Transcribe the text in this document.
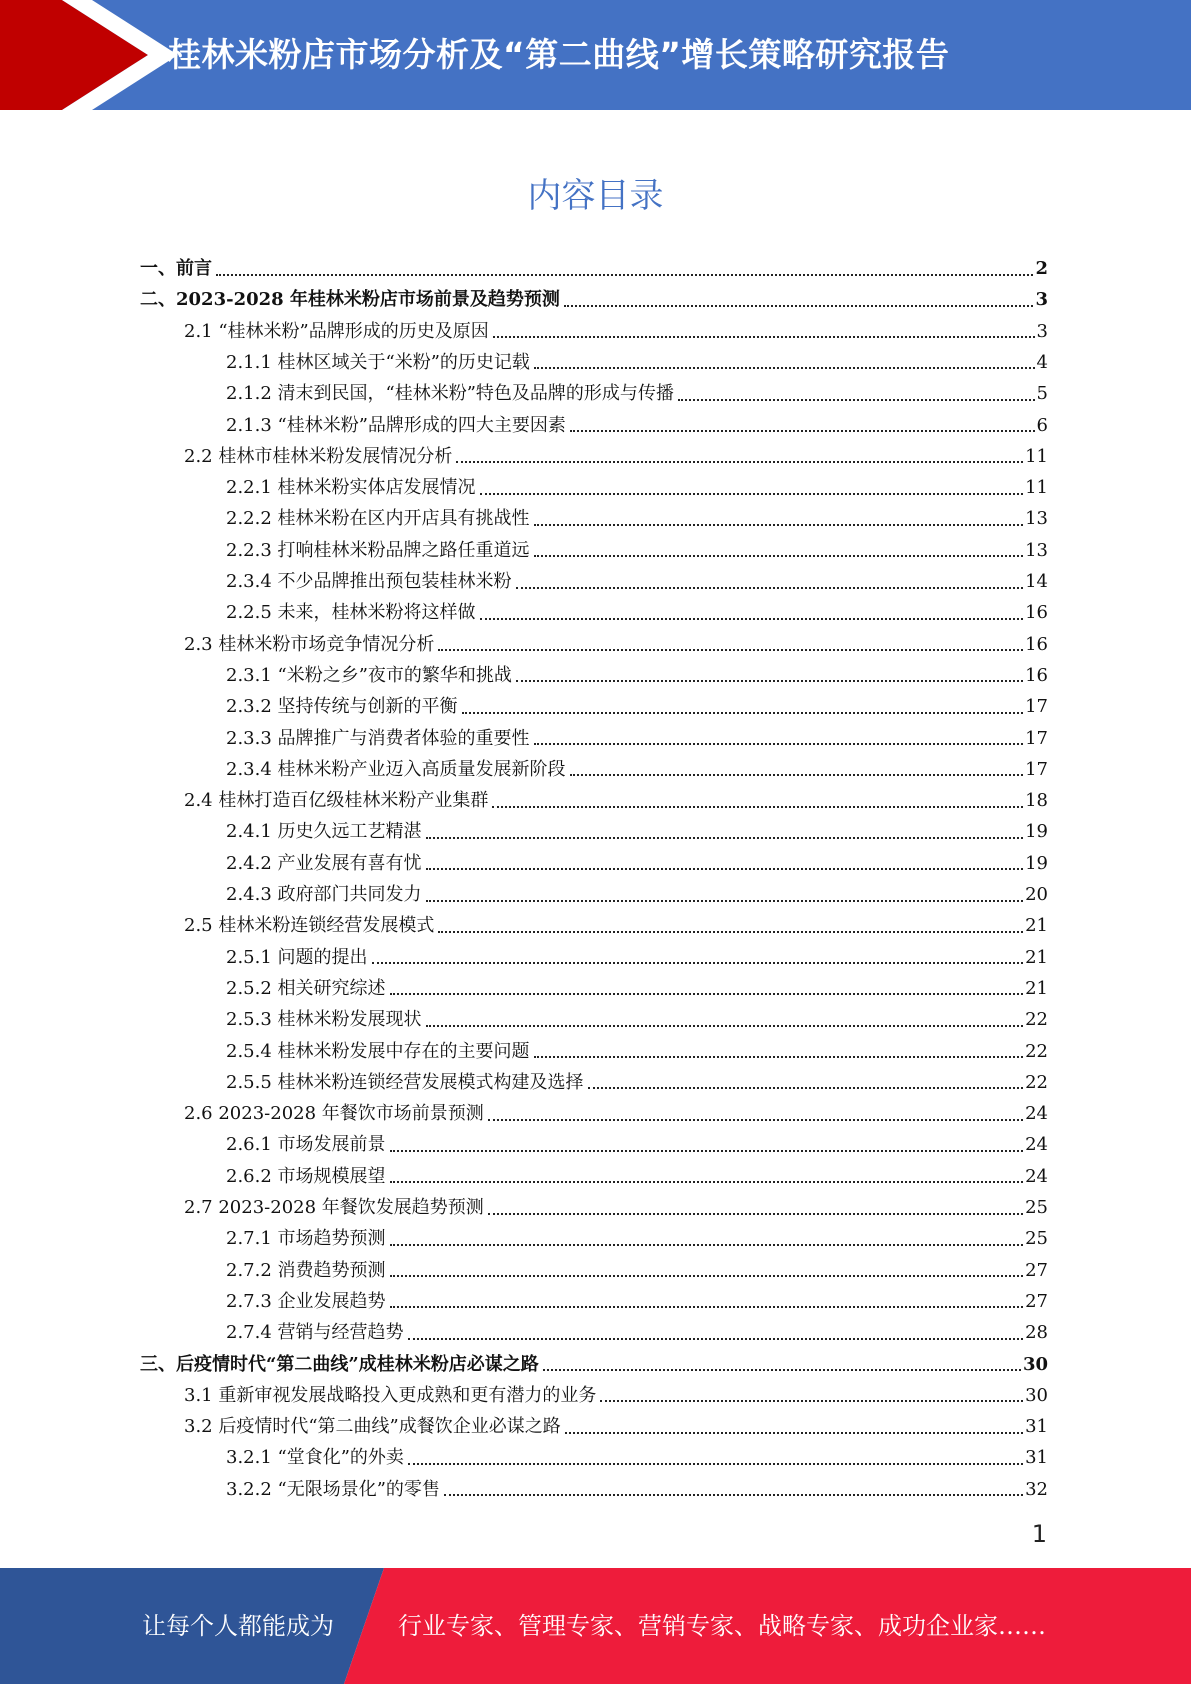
桂林米粉店市场分析及“第二曲线”增长策略研究报告
内容目录
一、前言	2
二、2023-2028 年桂林米粉店市场前景及趋势预测	3
2.1 “桂林米粉”品牌形成的历史及原因	3
2.1.1 桂林区域关于“米粉”的历史记载	4
2.1.2 清末到民国，“桂林米粉”特色及品牌的形成与传播	5
2.1.3 “桂林米粉”品牌形成的四大主要因素	6
2.2 桂林市桂林米粉发展情况分析	11
2.2.1 桂林米粉实体店发展情况	11
2.2.2 桂林米粉在区内开店具有挑战性	13
2.2.3 打响桂林米粉品牌之路任重道远	13
2.3.4 不少品牌推出预包装桂林米粉	14
2.2.5 未来，桂林米粉将这样做	16
2.3 桂林米粉市场竞争情况分析	16
2.3.1 “米粉之乡”夜市的繁华和挑战	16
2.3.2 坚持传统与创新的平衡	17
2.3.3 品牌推广与消费者体验的重要性	17
2.3.4 桂林米粉产业迈入高质量发展新阶段	17
2.4 桂林打造百亿级桂林米粉产业集群	18
2.4.1 历史久远工艺精湛	19
2.4.2 产业发展有喜有忧	19
2.4.3 政府部门共同发力	20
2.5 桂林米粉连锁经营发展模式	21
2.5.1 问题的提出	21
2.5.2 相关研究综述	21
2.5.3 桂林米粉发展现状	22
2.5.4 桂林米粉发展中存在的主要问题	22
2.5.5 桂林米粉连锁经营发展模式构建及选择	22
2.6 2023-2028 年餐饮市场前景预测	24
2.6.1 市场发展前景	24
2.6.2 市场规模展望	24
2.7 2023-2028 年餐饮发展趋势预测	25
2.7.1 市场趋势预测	25
2.7.2 消费趋势预测	27
2.7.3 企业发展趋势	27
2.7.4 营销与经营趋势	28
三、后疫情时代“第二曲线”成桂林米粉店必谋之路	30
3.1 重新审视发展战略投入更成熟和更有潜力的业务	30
3.2 后疫情时代“第二曲线”成餐饮企业必谋之路	31
3.2.1 “堂食化”的外卖	31
3.2.2 “无限场景化”的零售	32
1
让每个人都能成为	行业专家、管理专家、营销专家、战略专家、成功企业家……
